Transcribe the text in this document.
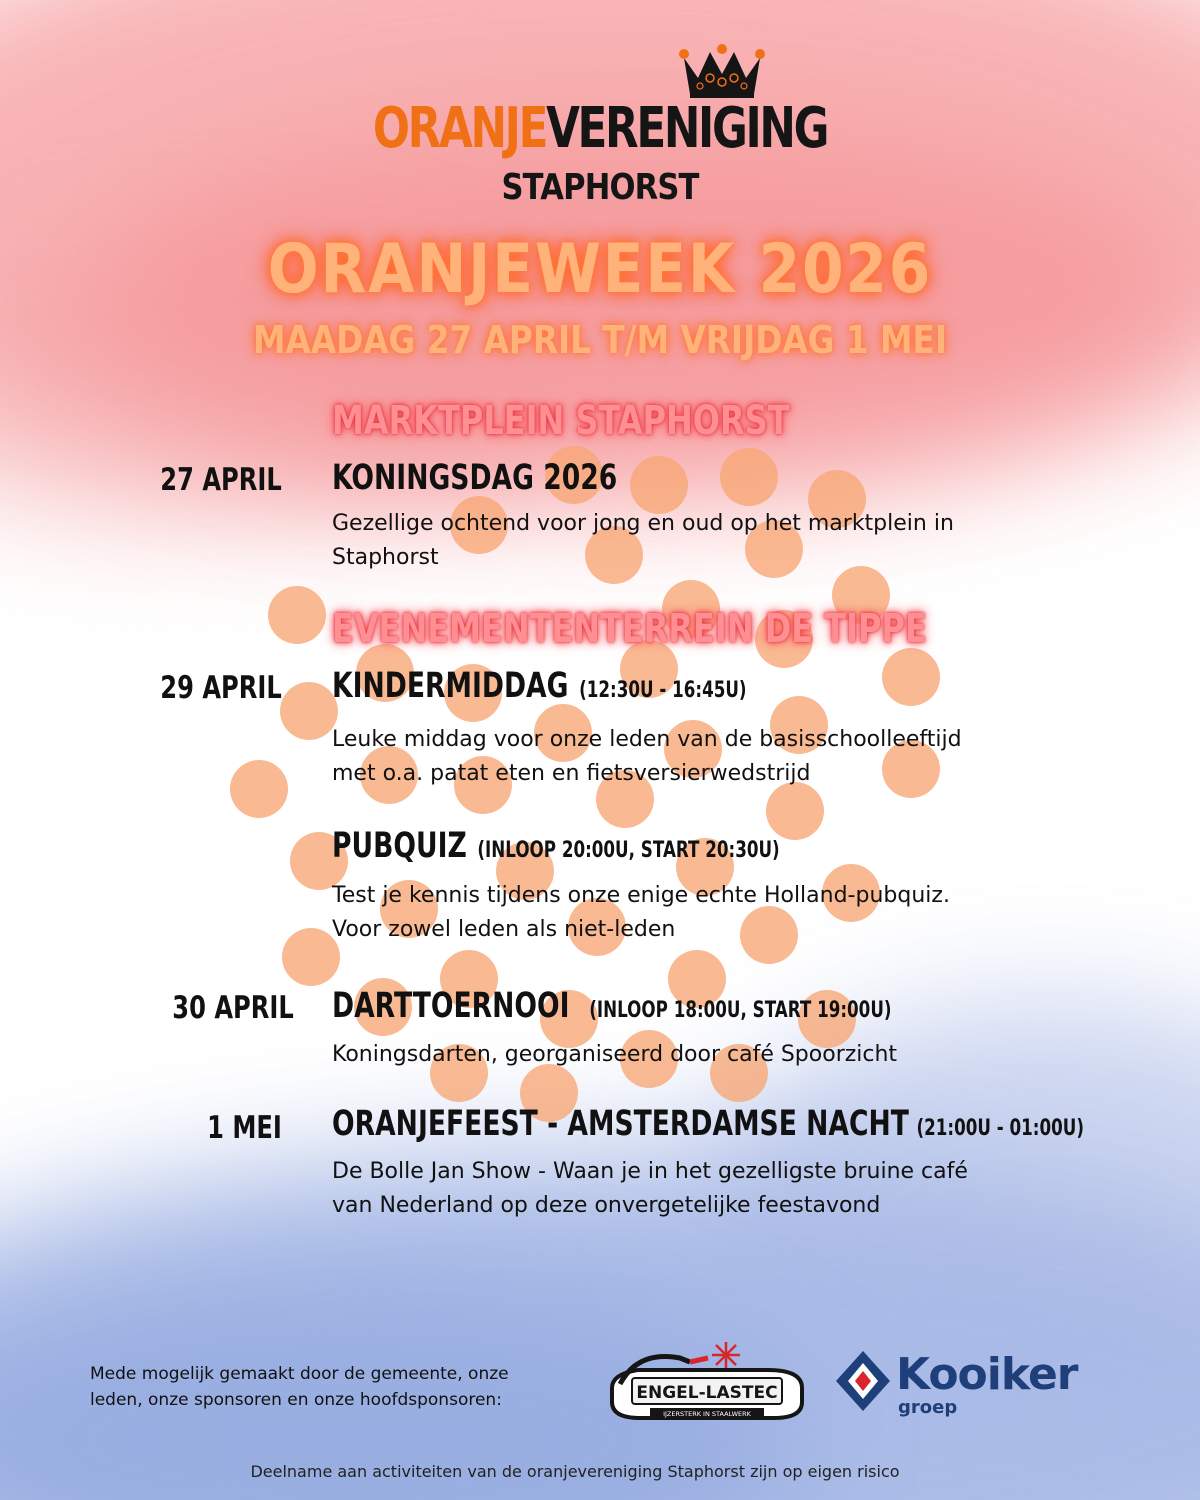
ORANJEVERENIGING
STAPHORST
ORANJEWEEK 2026
MAADAG 27 APRIL T/M VRIJDAG 1 MEI
MARKTPLEIN STAPHORST
EVENEMENTENTERREIN DE TIPPE
27 APRIL KONINGSDAG 2026
Gezellige ochtend voor jong en oud op het marktplein in
Staphorst
29 APRIL KINDERMIDDAG (12:30U - 16:45U)
Leuke middag voor onze leden van de basisschoolleeftijd
met o.a. patat eten en fietsversierwedstrijd
PUBQUIZ (INLOOP 20:00U, START 20:30U)
Test je kennis tijdens onze enige echte Holland-pubquiz.
Voor zowel leden als niet-leden
30 APRIL DARTTOERNOOI (INLOOP 18:00U, START 19:00U)
Koningsdarten, georganiseerd door café Spoorzicht
1 MEI ORANJEFEEST - AMSTERDAMSE NACHT (21:00U - 01:00U)
De Bolle Jan Show - Waan je in het gezelligste bruine café
van Nederland op deze onvergetelijke feestavond
Mede mogelijk gemaakt door de gemeente, onze
leden, onze sponsoren en onze hoofdsponsoren:	ENGEL-LASTEC
IJZERSTERK IN STAALWERK
Kooiker
groep
Deelname aan activiteiten van de oranjevereniging Staphorst zijn op eigen risico
